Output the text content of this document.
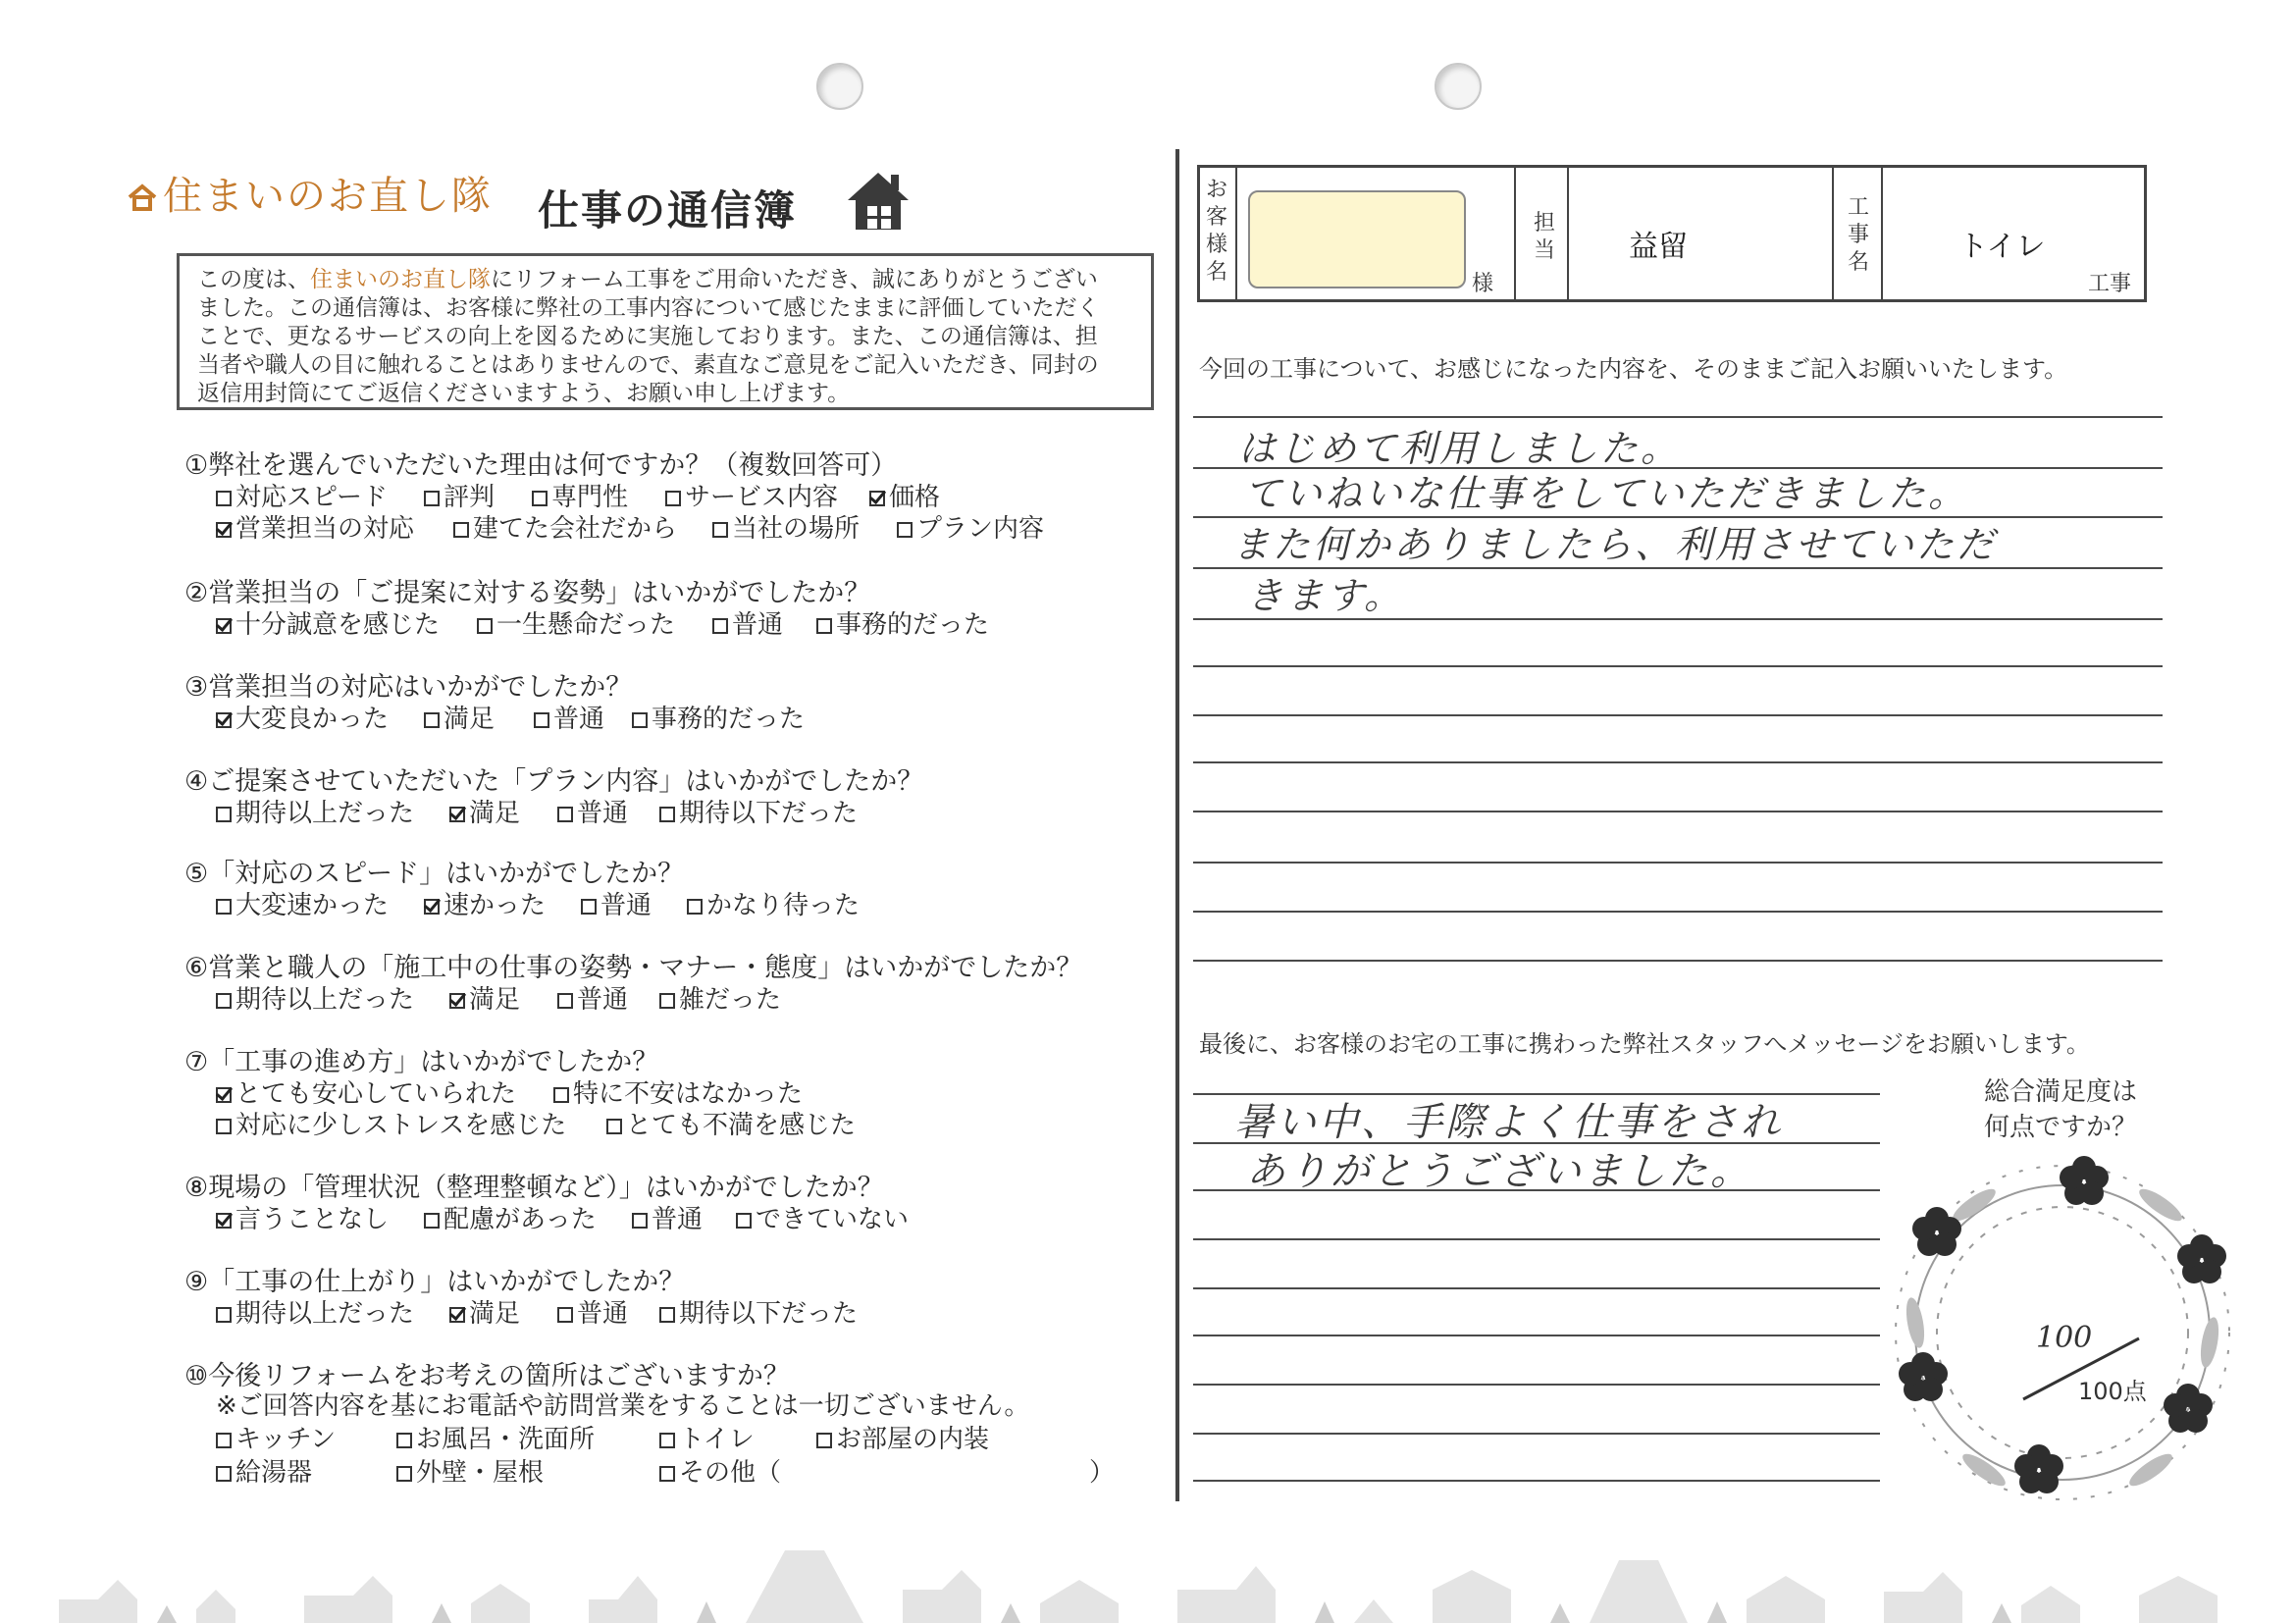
住まいのお直し隊 仕事の通信簿
この度は、住まいのお直し隊にリフォーム工事をご用命いただき、誠にありがとうござい
ました。この通信簿は、お客様に弊社の工事内容について感じたままに評価していただく
ことで、更なるサービスの向上を図るために実施しております。また、この通信簿は、担
当者や職人の目に触れることはありませんので、素直なご意見をご記入いただき、同封の
返信用封筒にてご返信くださいますよう、お願い申し上げます。
①弊社を選んでいただいた理由は何ですか？（複数回答可）
対応スピード	評判	専門性	サービス内容	価格
営業担当の対応	建てた会社だから	当社の場所	プラン内容
②営業担当の「ご提案に対する姿勢」はいかがでしたか？
十分誠意を感じた	一生懸命だった	普通	事務的だった
③営業担当の対応はいかがでしたか？
大変良かった	満足	普通	事務的だった
④ご提案させていただいた「プラン内容」はいかがでしたか？
期待以上だった	満足	普通	期待以下だった
⑤「対応のスピード」はいかがでしたか？
大変速かった	速かった	普通	かなり待った
⑥営業と職人の「施工中の仕事の姿勢・マナー・態度」はいかがでしたか？
期待以上だった	満足	普通	雑だった
⑦「工事の進め方」はいかがでしたか？
とても安心していられた	特に不安はなかった
対応に少しストレスを感じた	とても不満を感じた
⑧現場の「管理状況（整理整頓など）」はいかがでしたか？
言うことなし	配慮があった	普通	できていない
⑨「工事の仕上がり」はいかがでしたか？
期待以上だった	満足	普通	期待以下だった
⑩今後リフォームをお考えの箇所はございますか？
※ご回答内容を基にお電話や訪問営業をすることは一切ございません。
キッチン	お風呂・洗面所	トイレ	お部屋の内装
給湯器	外壁・屋根	その他（	）
お客様名	様
担当	益留
工事名	トイレ
工事
今回の工事について、お感じになった内容を、そのままご記入お願いいたします。
はじめて利用しました。
ていねいな仕事をしていただきました。
また何かありましたら、利用させていただ
きます。
最後に、お客様のお宅の工事に携わった弊社スタッフへメッセージをお願いします。
暑い中、手際よく仕事をされ
ありがとうございました。
総合満足度は
何点ですか？
100
100点
